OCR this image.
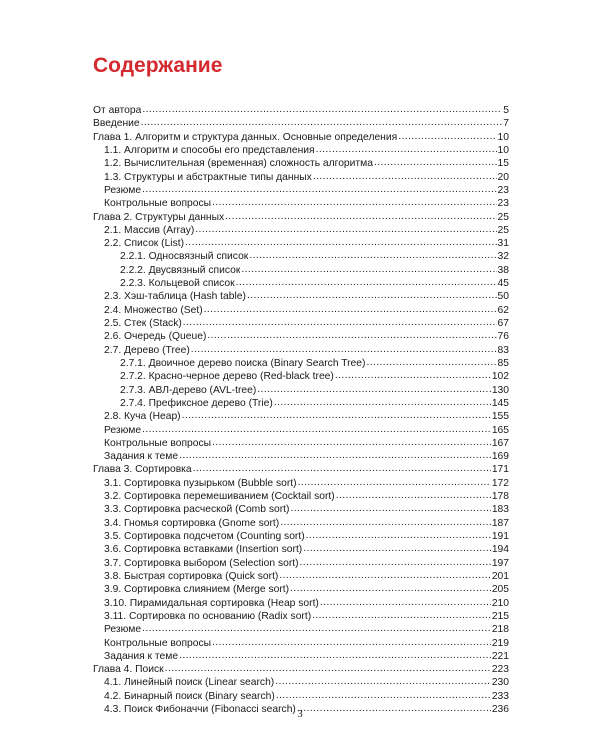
Содержание
От автора .....	5
Введение .....	7
Глава 1. Алгоритм и структура данных. Основные определения .....	10
1.1. Алгоритм и способы его представления .....	10
1.2. Вычислительная (временная) сложность алгоритма .....	15
1.3. Структуры и абстрактные типы данных .....	20
Резюме .....	23
Контрольные вопросы .....	23
Глава 2. Структуры данных .....	25
2.1. Массив (Array) .....	25
2.2. Список (List) .....	31
2.2.1. Односвязный список .....	32
2.2.2. Двусвязный список .....	38
2.2.3. Кольцевой список .....	45
2.3. Хэш-таблица (Hash table) .....	50
2.4. Множество (Set) .....	62
2.5. Стек (Stack) .....	67
2.6. Очередь (Queue) .....	76
2.7. Дерево (Tree) .....	83
2.7.1. Двоичное дерево поиска (Binary Search Tree) .....	85
2.7.2. Красно-черное дерево (Red-black tree) .....	102
2.7.3. АВЛ-дерево (AVL-tree) .....	130
2.7.4. Префиксное дерево (Trie) .....	145
2.8. Куча (Heap) .....	155
Резюме .....	165
Контрольные вопросы .....	167
Задания к теме .....	169
Глава 3. Сортировка .....	171
3.1. Сортировка пузырьком (Bubble sort) .....	172
3.2. Сортировка перемешиванием (Cocktail sort) .....	178
3.3. Сортировка расческой (Comb sort) .....	183
3.4. Гномья сортировка (Gnome sort) .....	187
3.5. Сортировка подсчетом (Counting sort) .....	191
3.6. Сортировка вставками (Insertion sort) .....	194
3.7. Сортировка выбором (Selection sort) .....	197
3.8. Быстрая сортировка (Quick sort) .....	201
3.9. Сортировка слиянием (Merge sort) .....	205
3.10. Пирамидальная сортировка (Heap sort) .....	210
3.11. Сортировка по основанию (Radix sort) .....	215
Резюме .....	218
Контрольные вопросы .....	219
Задания к теме .....	221
Глава 4. Поиск .....	223
4.1. Линейный поиск (Linear search) .....	230
4.2. Бинарный поиск (Binary search) .....	233
4.3. Поиск Фибоначчи (Fibonacci search) .....	236
3
